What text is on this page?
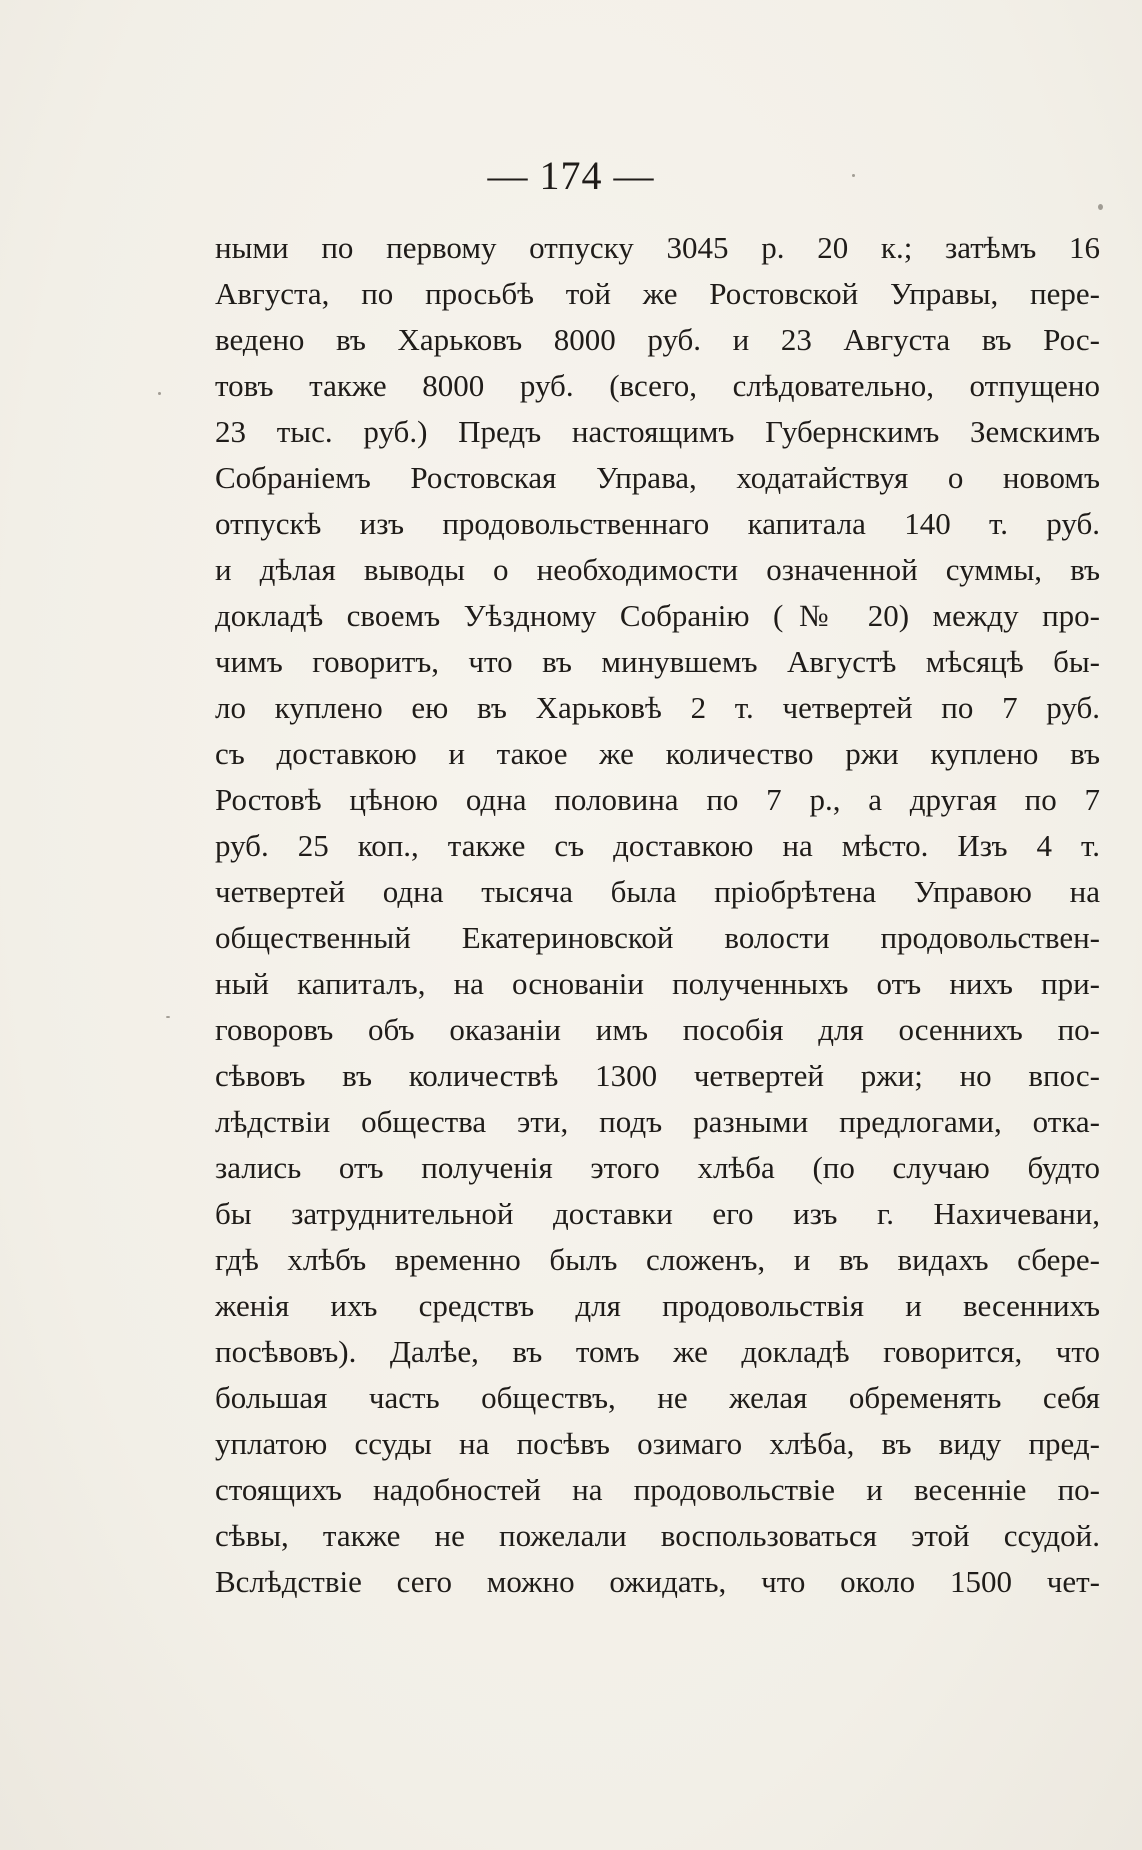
— 174 —
ными по первому отпуску 3045 р. 20 к.; затѣмъ 16
Августа, по просьбѣ той же Ростовской Управы, пере-
ведено въ Харьковъ 8000 руб. и 23 Августа въ Рос-
товъ также 8000 руб. (всего, слѣдовательно, отпущено
23 тыс. руб.) Предъ настоящимъ Губернскимъ Земскимъ
Собраніемъ Ростовская Управа, ходатайствуя о новомъ
отпускѣ изъ продовольственнаго капитала 140 т. руб.
и дѣлая выводы о необходимости означенной суммы, въ
докладѣ своемъ Уѣздному Собранію (№ 20) между про-
чимъ говоритъ, что въ минувшемъ Августѣ мѣсяцѣ бы-
ло куплено ею въ Харьковѣ 2 т. четвертей по 7 руб.
съ доставкою и такое же количество ржи куплено въ
Ростовѣ цѣною одна половина по 7 р., а другая по 7
руб. 25 коп., также съ доставкою на мѣсто. Изъ 4 т.
четвертей одна тысяча была пріобрѣтена Управою на
общественный Екатериновской волости продовольствен-
ный капиталъ, на основаніи полученныхъ отъ нихъ при-
говоровъ объ оказаніи имъ пособія для осеннихъ по-
сѣвовъ въ количествѣ 1300 четвертей ржи; но впос-
лѣдствіи общества эти, подъ разными предлогами, отка-
зались отъ полученія этого хлѣба (по случаю будто
бы затруднительной доставки его изъ г. Нахичевани,
гдѣ хлѣбъ временно былъ сложенъ, и въ видахъ сбере-
женія ихъ средствъ для продовольствія и весеннихъ
посѣвовъ). Далѣе, въ томъ же докладѣ говорится, что
большая часть обществъ, не желая обременять себя
уплатою ссуды на посѣвъ озимаго хлѣба, въ виду пред-
стоящихъ надобностей на продовольствіе и весенніе по-
сѣвы, также не пожелали воспользоваться этой ссудой.
Вслѣдствіе сего можно ожидать, что около 1500 чет-
